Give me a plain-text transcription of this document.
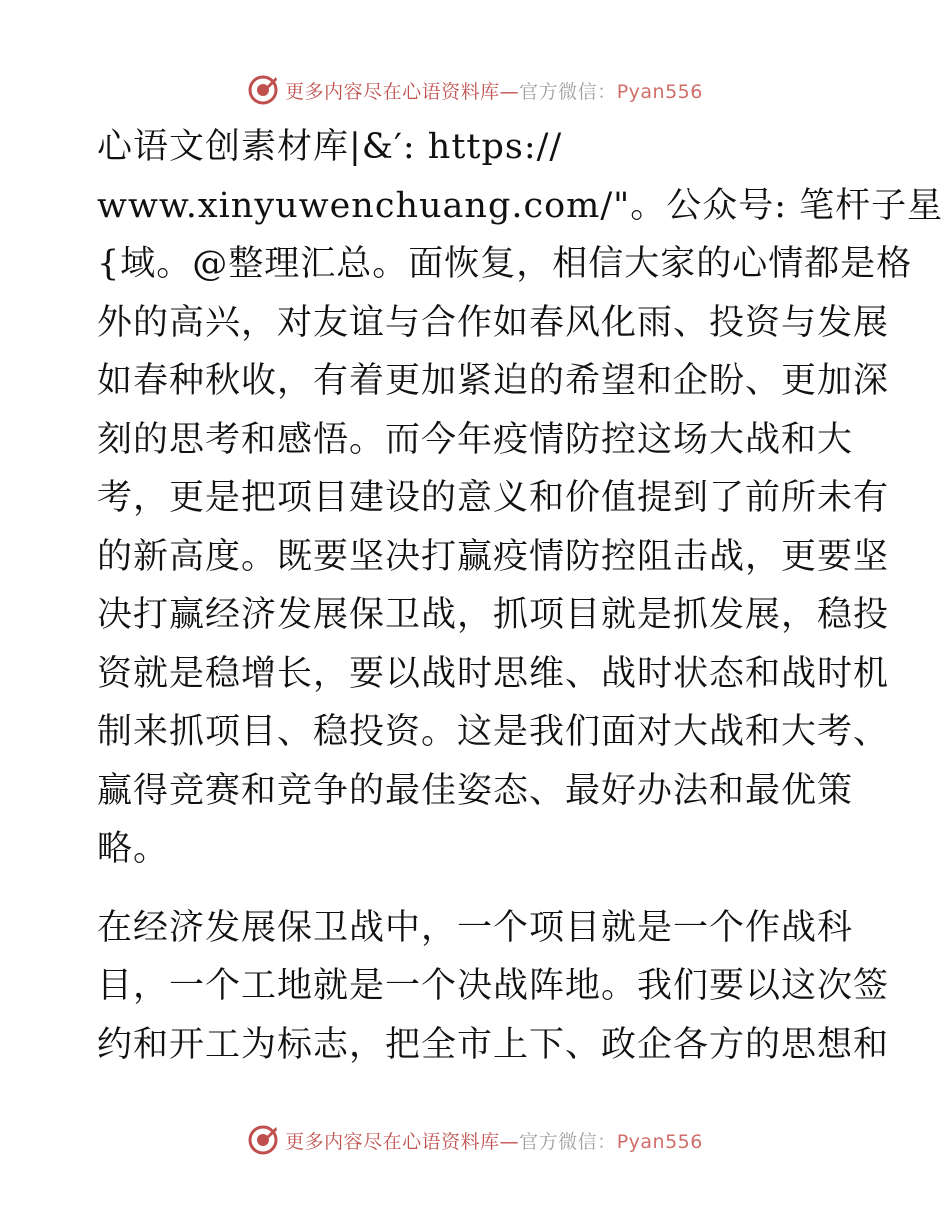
更多内容尽在心语资料库—官方微信：Pyan556

心语文创素材库|&′: https://
www.xinyuwenchuang.com/"。公众号: 笔杆子星
{域。@整理汇总。面恢复，相信大家的心情都是格
外的高兴，对友谊与合作如春风化雨、投资与发展
如春种秋收，有着更加紧迫的希望和企盼、更加深
刻的思考和感悟。而今年疫情防控这场大战和大
考，更是把项目建设的意义和价值提到了前所未有
的新高度。既要坚决打赢疫情防控阻击战，更要坚
决打赢经济发展保卫战，抓项目就是抓发展，稳投
资就是稳增长，要以战时思维、战时状态和战时机
制来抓项目、稳投资。这是我们面对大战和大考、
赢得竞赛和竞争的最佳姿态、最好办法和最优策
略。

在经济发展保卫战中，一个项目就是一个作战科
目，一个工地就是一个决战阵地。我们要以这次签
约和开工为标志，把全市上下、政企各方的思想和

更多内容尽在心语资料库—官方微信：Pyan556
